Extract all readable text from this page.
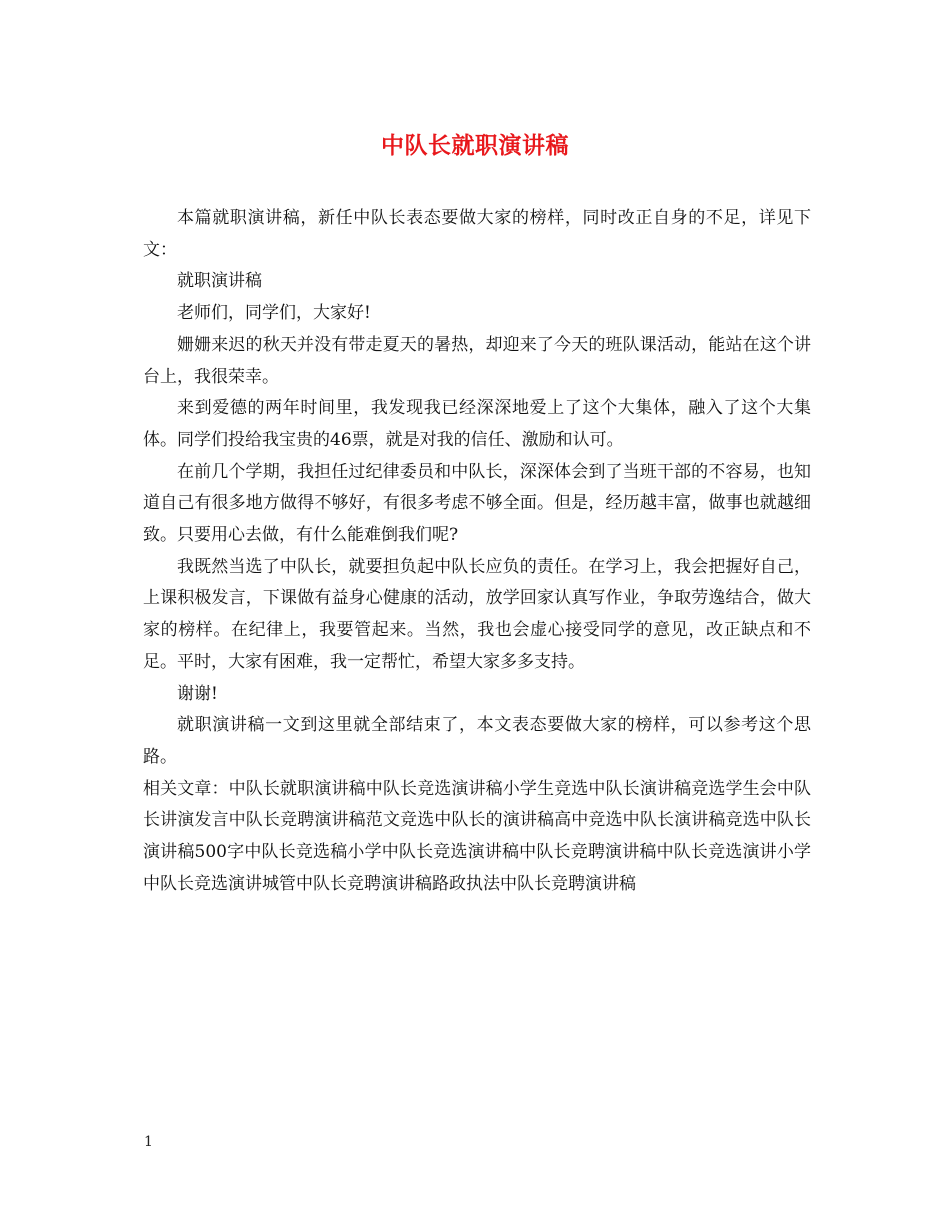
中队长就职演讲稿

本篇就职演讲稿，新任中队长表态要做大家的榜样，同时改正自身的不足，详见下文：

就职演讲稿

老师们，同学们，大家好!

姗姗来迟的秋天并没有带走夏天的暑热，却迎来了今天的班队课活动，能站在这个讲台上，我很荣幸。

来到爱德的两年时间里，我发现我已经深深地爱上了这个大集体，融入了这个大集体。同学们投给我宝贵的46票，就是对我的信任、激励和认可。

在前几个学期，我担任过纪律委员和中队长，深深体会到了当班干部的不容易，也知道自己有很多地方做得不够好，有很多考虑不够全面。但是，经历越丰富，做事也就越细致。只要用心去做，有什么能难倒我们呢?

我既然当选了中队长，就要担负起中队长应负的责任。在学习上，我会把握好自己，上课积极发言，下课做有益身心健康的活动，放学回家认真写作业，争取劳逸结合，做大家的榜样。在纪律上，我要管起来。当然，我也会虚心接受同学的意见，改正缺点和不足。平时，大家有困难，我一定帮忙，希望大家多多支持。

谢谢!

就职演讲稿一文到这里就全部结束了，本文表态要做大家的榜样，可以参考这个思路。

相关文章：中队长就职演讲稿中队长竞选演讲稿小学生竞选中队长演讲稿竞选学生会中队长讲演发言中队长竞聘演讲稿范文竞选中队长的演讲稿高中竞选中队长演讲稿竞选中队长演讲稿500字中队长竞选稿小学中队长竞选演讲稿中队长竞聘演讲稿中队长竞选演讲小学中队长竞选演讲城管中队长竞聘演讲稿路政执法中队长竞聘演讲稿

1
